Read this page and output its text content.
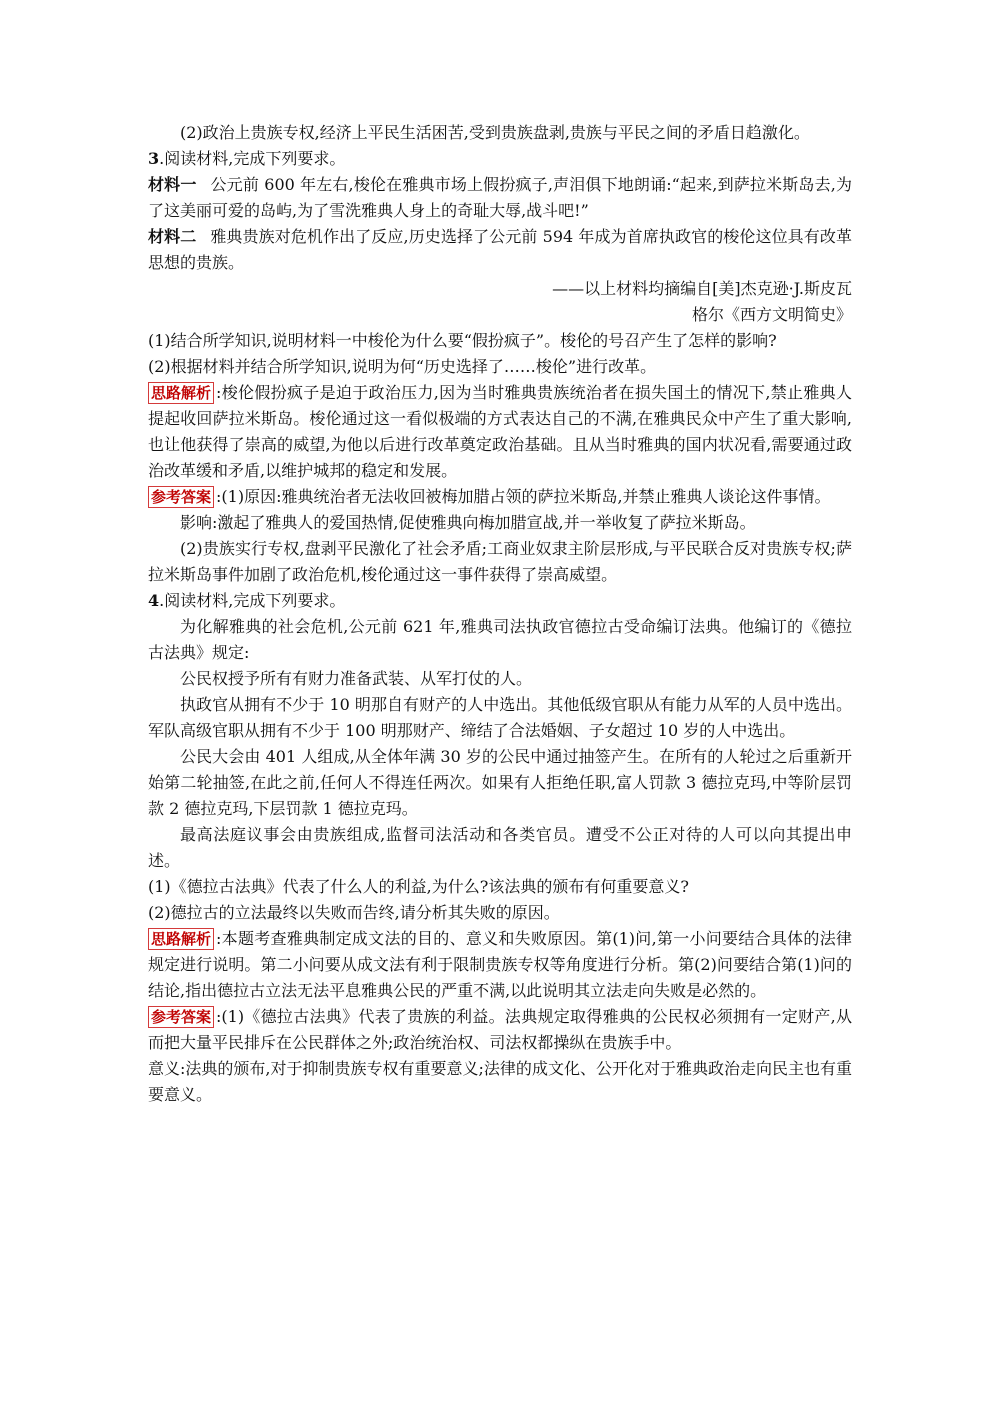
(2)政治上贵族专权,经济上平民生活困苦,受到贵族盘剥,贵族与平民之间的矛盾日趋激化。

3.阅读材料,完成下列要求。

材料一 公元前 600 年左右,梭伦在雅典市场上假扮疯子,声泪俱下地朗诵:“起来,到萨拉米斯岛去,为了这美丽可爱的岛屿,为了雪洗雅典人身上的奇耻大辱,战斗吧!”

材料二 雅典贵族对危机作出了反应,历史选择了公元前 594 年成为首席执政官的梭伦这位具有改革思想的贵族。

——以上材料均摘编自[美]杰克逊·J.斯皮瓦

格尔《西方文明简史》

(1)结合所学知识,说明材料一中梭伦为什么要“假扮疯子”。梭伦的号召产生了怎样的影响?

(2)根据材料并结合所学知识,说明为何“历史选择了……梭伦”进行改革。

思路解析 :梭伦假扮疯子是迫于政治压力,因为当时雅典贵族统治者在损失国土的情况下,禁止雅典人提起收回萨拉米斯岛。梭伦通过这一看似极端的方式表达自己的不满,在雅典民众中产生了重大影响,也让他获得了崇高的威望,为他以后进行改革奠定政治基础。且从当时雅典的国内状况看,需要通过政治改革缓和矛盾,以维护城邦的稳定和发展。

参考答案 :(1)原因:雅典统治者无法收回被梅加腊占领的萨拉米斯岛,并禁止雅典人谈论这件事情。

影响:激起了雅典人的爱国热情,促使雅典向梅加腊宣战,并一举收复了萨拉米斯岛。

(2)贵族实行专权,盘剥平民激化了社会矛盾;工商业奴隶主阶层形成,与平民联合反对贵族专权;萨拉米斯岛事件加剧了政治危机,梭伦通过这一事件获得了崇高威望。

4.阅读材料,完成下列要求。

为化解雅典的社会危机,公元前 621 年,雅典司法执政官德拉古受命编订法典。他编订的《德拉古法典》规定:

公民权授予所有有财力准备武装、从军打仗的人。

执政官从拥有不少于 10 明那自有财产的人中选出。其他低级官职从有能力从军的人员中选出。军队高级官职从拥有不少于 100 明那财产、缔结了合法婚姻、子女超过 10 岁的人中选出。

公民大会由 401 人组成,从全体年满 30 岁的公民中通过抽签产生。在所有的人轮过之后重新开始第二轮抽签,在此之前,任何人不得连任两次。如果有人拒绝任职,富人罚款 3 德拉克玛,中等阶层罚款 2 德拉克玛,下层罚款 1 德拉克玛。

最高法庭议事会由贵族组成,监督司法活动和各类官员。遭受不公正对待的人可以向其提出申述。

(1)《德拉古法典》代表了什么人的利益,为什么?该法典的颁布有何重要意义?

(2)德拉古的立法最终以失败而告终,请分析其失败的原因。

思路解析 :本题考查雅典制定成文法的目的、意义和失败原因。第(1)问,第一小问要结合具体的法律规定进行说明。第二小问要从成文法有利于限制贵族专权等角度进行分析。第(2)问要结合第(1)问的结论,指出德拉古立法无法平息雅典公民的严重不满,以此说明其立法走向失败是必然的。

参考答案 :(1)《德拉古法典》代表了贵族的利益。法典规定取得雅典的公民权必须拥有一定财产,从而把大量平民排斥在公民群体之外;政治统治权、司法权都操纵在贵族手中。

意义:法典的颁布,对于抑制贵族专权有重要意义;法律的成文化、公开化对于雅典政治走向民主也有重要意义。
